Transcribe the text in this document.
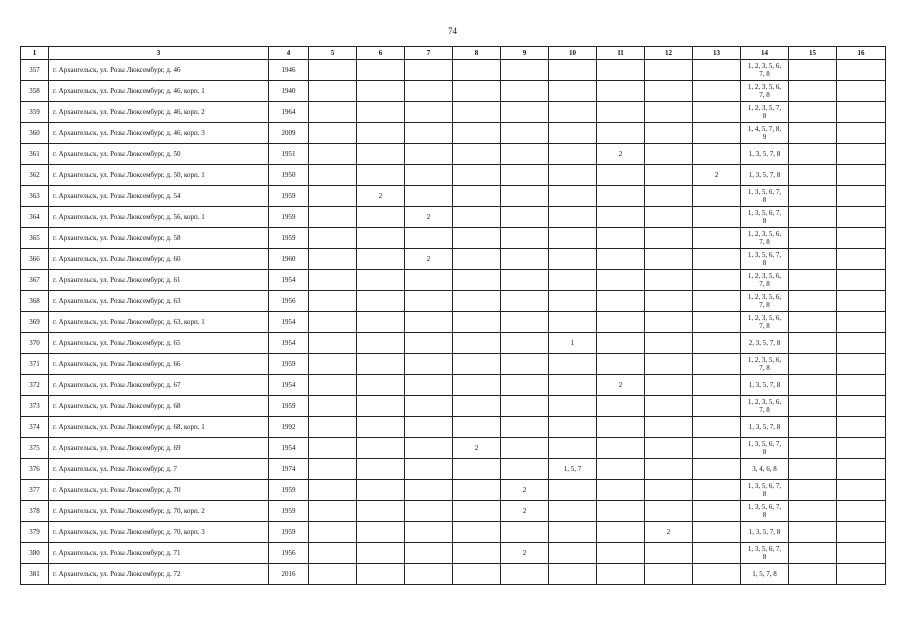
74
1	3	4	5	6	7	8	9	10	11	12	13	14	15	16
357	г. Архангельск, ул. Розы Люксембург, д. 46	1946										1, 2, 3, 5, 6, 7, 8		
358	г. Архангельск, ул. Розы Люксембург, д. 46, корп. 1	1940										1, 2, 3, 5, 6, 7, 8		
359	г. Архангельск, ул. Розы Люксембург, д. 46, корп. 2	1964										1, 2, 3, 5, 7, 8		
360	г. Архангельск, ул. Розы Люксембург, д. 46, корп. 3	2009										1, 4, 5, 7, 8, 9		
361	г. Архангельск, ул. Розы Люксембург, д. 50	1951							2			1, 3, 5, 7, 8		
362	г. Архангельск, ул. Розы Люксембург, д. 50, корп. 1	1950									2	1, 3, 5, 7, 8		
363	г. Архангельск, ул. Розы Люксембург, д. 54	1959		2								1, 3, 5, 6, 7, 8		
364	г. Архангельск, ул. Розы Люксембург, д. 56, корп. 1	1959			2							1, 3, 5, 6, 7, 8		
365	г. Архангельск, ул. Розы Люксембург, д. 58	1959										1, 2, 3, 5, 6, 7, 8		
366	г. Архангельск, ул. Розы Люксембург, д. 60	1960			2							1, 3, 5, 6, 7, 8		
367	г. Архангельск, ул. Розы Люксембург, д. 61	1954										1, 2, 3, 5, 6, 7, 8		
368	г. Архангельск, ул. Розы Люксембург, д. 63	1956										1, 2, 3, 5, 6, 7, 8		
369	г. Архангельск, ул. Розы Люксембург, д. 63, корп. 1	1954										1, 2, 3, 5, 6, 7, 8		
370	г. Архангельск, ул. Розы Люксембург, д. 65	1954						1				2, 3, 5, 7, 8		
371	г. Архангельск, ул. Розы Люксембург, д. 66	1959										1, 2, 3, 5, 6, 7, 8		
372	г. Архангельск, ул. Розы Люксембург, д. 67	1954							2			1, 3, 5, 7, 8		
373	г. Архангельск, ул. Розы Люксембург, д. 68	1959										1, 2, 3, 5, 6, 7, 8		
374	г. Архангельск, ул. Розы Люксембург, д. 68, корп. 1	1992										1, 3, 5, 7, 8		
375	г. Архангельск, ул. Розы Люксембург, д. 69	1954				2						1, 3, 5, 6, 7, 8		
376	г. Архангельск, ул. Розы Люксембург, д. 7	1974						1, 5, 7				3, 4, 6, 8		
377	г. Архангельск, ул. Розы Люксембург, д. 70	1959					2					1, 3, 5, 6, 7, 8		
378	г. Архангельск, ул. Розы Люксембург, д. 70, корп. 2	1959					2					1, 3, 5, 6, 7, 8		
379	г. Архангельск, ул. Розы Люксембург, д. 70, корп. 3	1959								2		1, 3, 5, 7, 8		
380	г. Архангельск, ул. Розы Люксембург, д. 71	1956					2					1, 3, 5, 6, 7, 8		
381	г. Архангельск, ул. Розы Люксембург, д. 72	2016										1, 5, 7, 8		
